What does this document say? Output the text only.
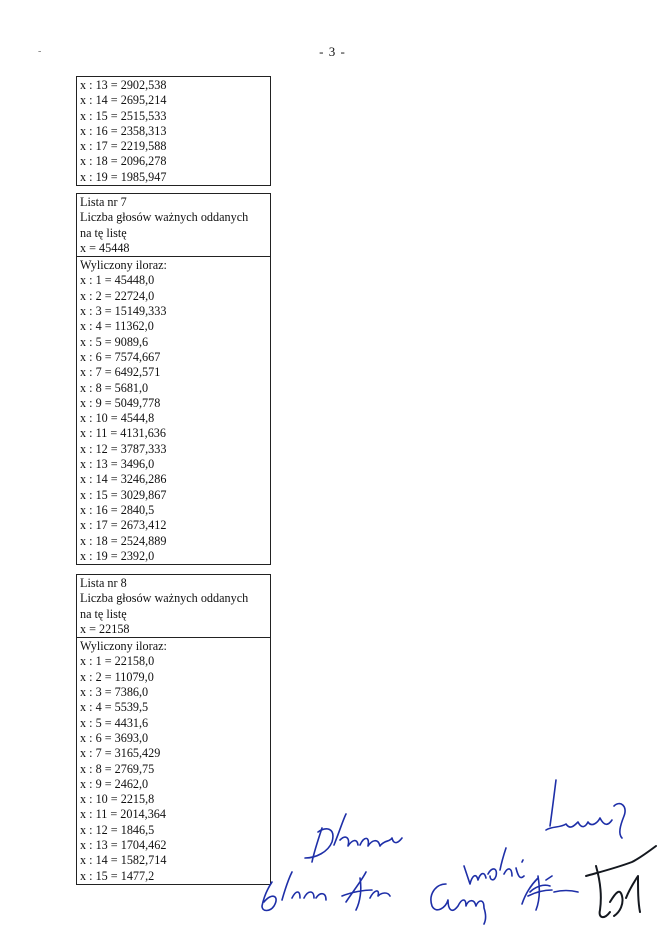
-	- 3 -
x : 13 = 2902,538
x : 14 = 2695,214
x : 15 = 2515,533
x : 16 = 2358,313
x : 17 = 2219,588
x : 18 = 2096,278
x : 19 = 1985,947
Lista nr 7
Liczba głosów ważnych oddanych
na tę listę
x = 45448
Wyliczony iloraz:
x : 1 = 45448,0
x : 2 = 22724,0
x : 3 = 15149,333
x : 4 = 11362,0
x : 5 = 9089,6
x : 6 = 7574,667
x : 7 = 6492,571
x : 8 = 5681,0
x : 9 = 5049,778
x : 10 = 4544,8
x : 11 = 4131,636
x : 12 = 3787,333
x : 13 = 3496,0
x : 14 = 3246,286
x : 15 = 3029,867
x : 16 = 2840,5
x : 17 = 2673,412
x : 18 = 2524,889
x : 19 = 2392,0
Lista nr 8
Liczba głosów ważnych oddanych
na tę listę
x = 22158
Wyliczony iloraz:
x : 1 = 22158,0
x : 2 = 11079,0
x : 3 = 7386,0
x : 4 = 5539,5
x : 5 = 4431,6
x : 6 = 3693,0
x : 7 = 3165,429
x : 8 = 2769,75
x : 9 = 2462,0
x : 10 = 2215,8
x : 11 = 2014,364
x : 12 = 1846,5
x : 13 = 1704,462
x : 14 = 1582,714
x : 15 = 1477,2
